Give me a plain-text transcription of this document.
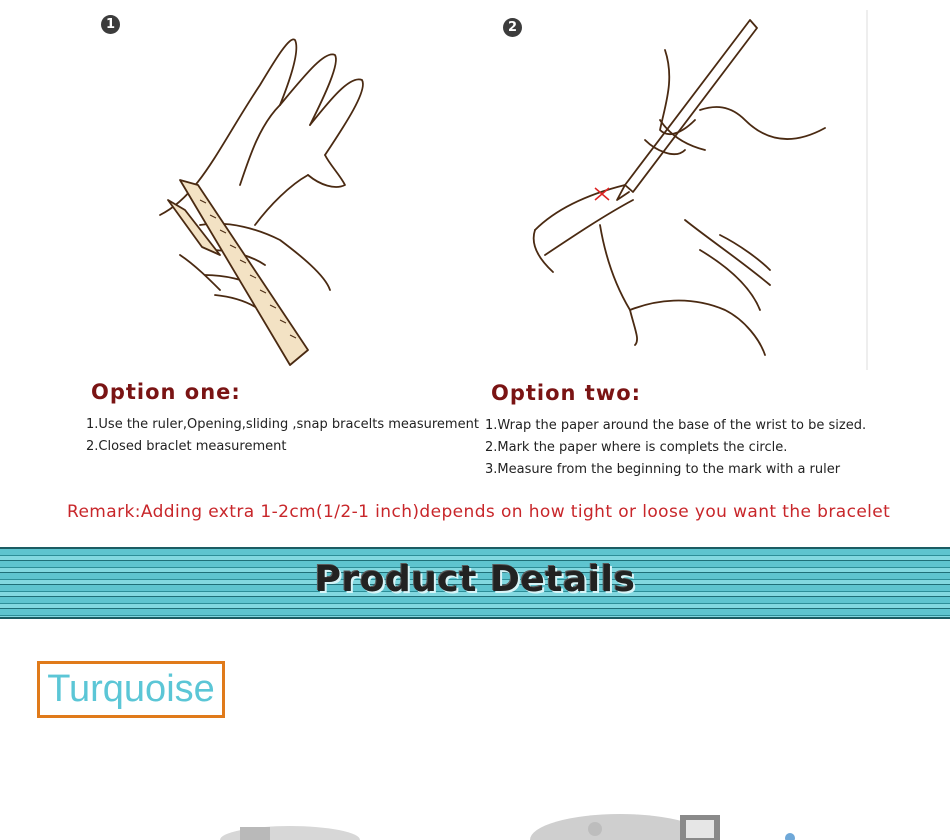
1	2

Option one:

1.Use the ruler,Opening,sliding ,snap bracelts measurement

2.Closed braclet measurement

Option two:

1.Wrap the paper around the base of the wrist to be sized.

2.Mark the paper where is complets the circle.

3.Measure from the beginning to the mark with a ruler

Remark:Adding extra 1-2cm(1/2-1 inch)depends on how tight or loose you want the bracelet
Product Details
Turquoise
